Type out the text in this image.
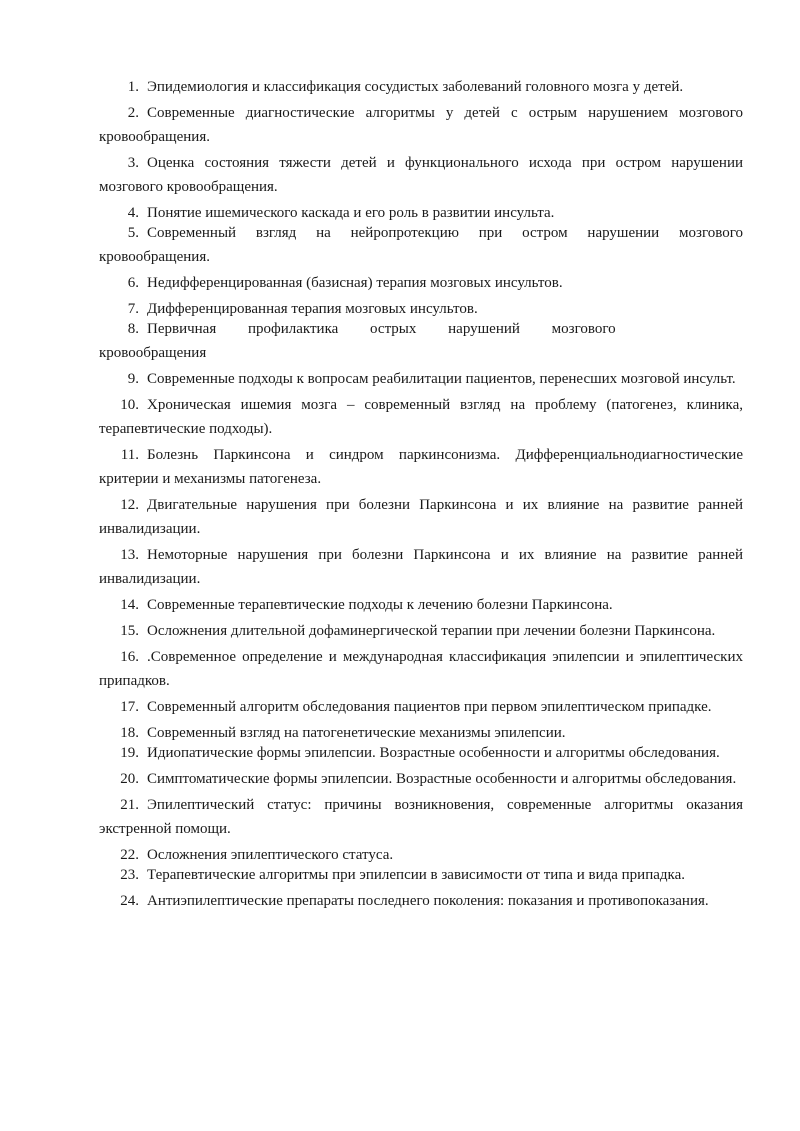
1. Эпидемиология и классификация сосудистых заболеваний головного мозга у детей.

2. Современные диагностические алгоритмы у детей с острым нарушением мозгового кровообращения.

3. Оценка состояния тяжести детей и функционального исхода при остром нарушении мозгового кровообращения.

4. Понятие ишемического каскада и его роль в развитии инсульта.

5. Современный взгляд на нейропротекцию при остром нарушении мозгового кровообращения.

6. Недифференцированная (базисная) терапия мозговых инсультов.

7. Дифференцированная терапия мозговых инсультов.

8. Первичная профилактика острых нарушений мозгового кровообращения

9. Современные подходы к вопросам реабилитации пациентов, перенесших мозговой инсульт.

10. Хроническая ишемия мозга – современный взгляд на проблему (патогенез, клиника, терапевтические подходы).

11. Болезнь Паркинсона и синдром паркинсонизма. Дифференциальнодиагностические критерии и механизмы патогенеза.

12. Двигательные нарушения при болезни Паркинсона и их влияние на развитие ранней инвалидизации.

13. Немоторные нарушения при болезни Паркинсона и их влияние на развитие ранней инвалидизации.

14. Современные терапевтические подходы к лечению болезни Паркинсона.

15. Осложнения длительной дофаминергической терапии при лечении болезни Паркинсона.

16. .Современное определение и международная классификация эпилепсии и эпилептических припадков.

17. Современный алгоритм обследования пациентов при первом эпилептическом припадке.

18. Современный взгляд на патогенетические механизмы эпилепсии.

19. Идиопатические формы эпилепсии. Возрастные особенности и алгоритмы обследования.

20. Симптоматические формы эпилепсии. Возрастные особенности и алгоритмы обследования.

21. Эпилептический статус: причины возникновения, современные алгоритмы оказания экстренной помощи.

22. Осложнения эпилептического статуса.

23. Терапевтические алгоритмы при эпилепсии в зависимости от типа и вида припадка.

24. Антиэпилептические препараты последнего поколения: показания и противопоказания.
